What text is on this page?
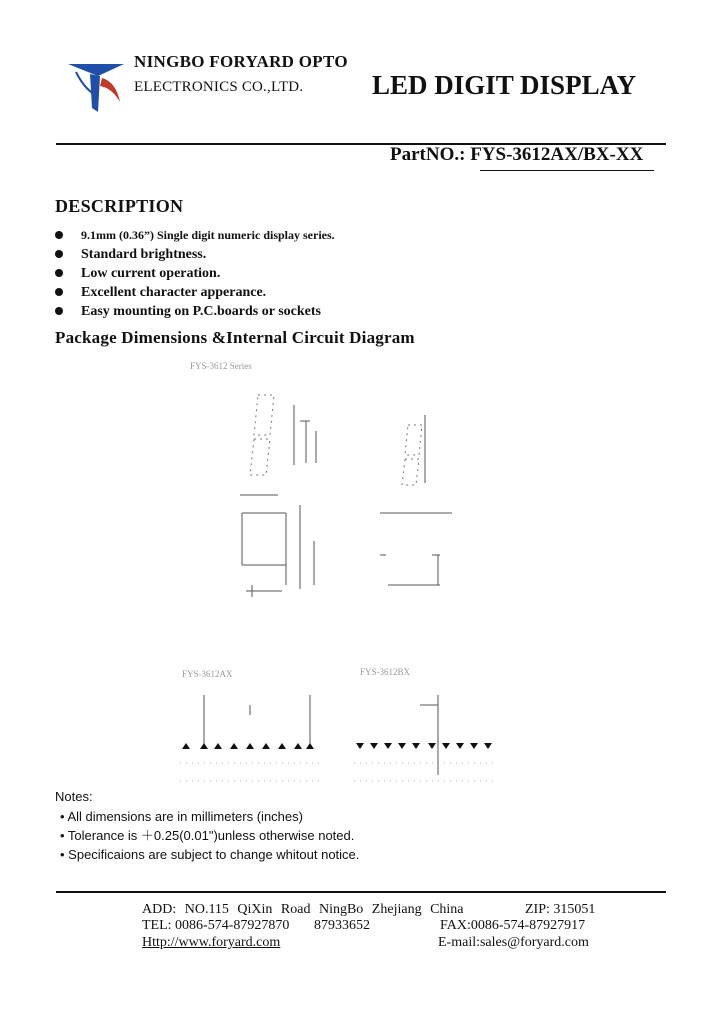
NINGBO FORYARD OPTO
ELECTRONICS CO.,LTD.	LED DIGIT DISPLAY
PartNO.: FYS-3612AX/BX-XX
DESCRIPTION
9.1mm (0.36”) Single digit numeric display series.
Standard brightness.
Low current operation.
Excellent character apperance.
Easy mounting on P.C.boards or sockets
Package Dimensions &Internal Circuit Diagram
FYS-3612 Series
FYS-3612AX	FYS-3612BX
Notes:
• All dimensions are in millimeters (inches)
• Tolerance is ＋0.25(0.01")unless otherwise noted.
• Specificaions are subject to change whitout notice.
ADD: NO.115 QiXin Road NingBo Zhejiang China	ZIP: 315051
TEL: 0086-574-87927870 87933652	FAX:0086-574-87927917
Http://www.foryard.com	E-mail:sales@foryard.com
